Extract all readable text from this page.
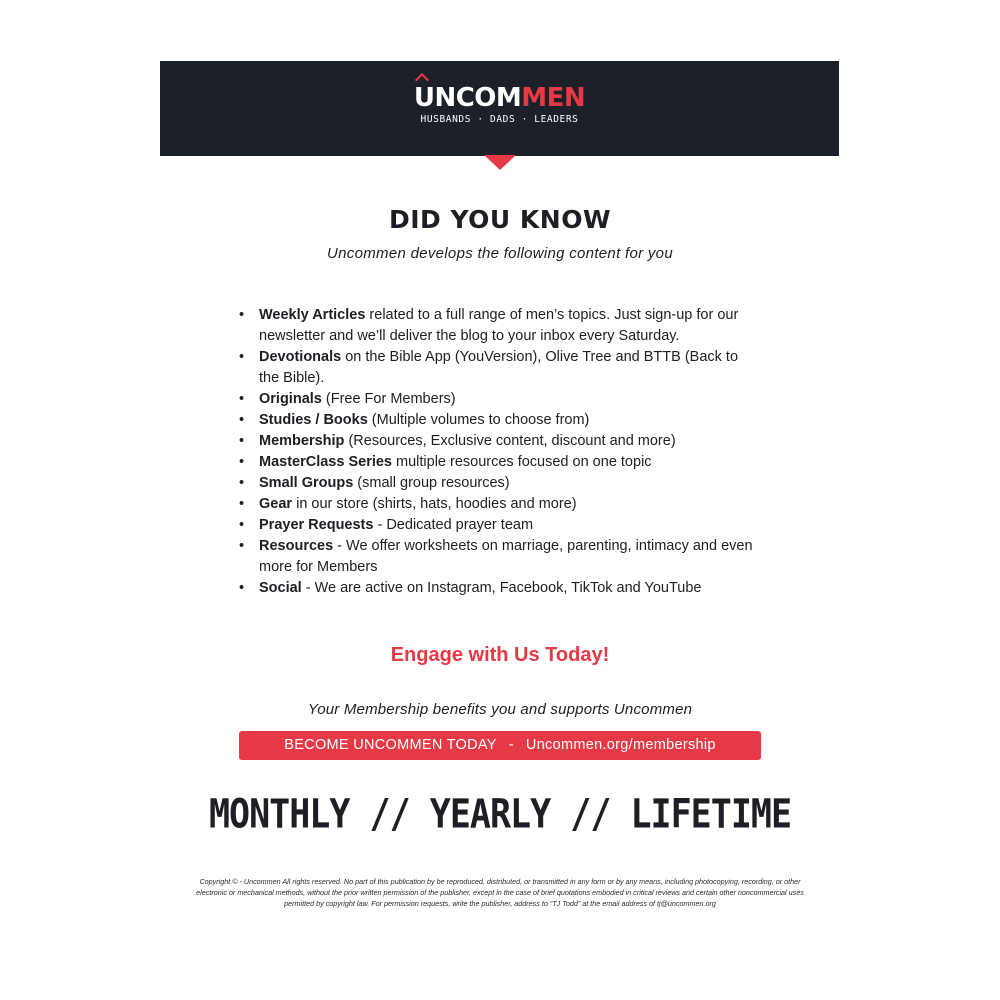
UNCOMMEN
HUSBANDS · DADS · LEADERS
DID YOU KNOW
Uncommen develops the following content for you
• Weekly Articles related to a full range of men’s topics. Just sign-up for our newsletter and we’ll deliver the blog to your inbox every Saturday.
• Devotionals on the Bible App (YouVersion), Olive Tree and BTTB (Back to the Bible).
• Originals (Free For Members)
• Studies / Books (Multiple volumes to choose from)
• Membership (Resources, Exclusive content, discount and more)
• MasterClass Series multiple resources focused on one topic
• Small Groups (small group resources)
• Gear in our store (shirts, hats, hoodies and more)
• Prayer Requests - Dedicated prayer team
• Resources - We offer worksheets on marriage, parenting, intimacy and even more for Members
• Social - We are active on Instagram, Facebook, TikTok and YouTube
Engage with Us Today!
Your Membership benefits you and supports Uncommen
BECOME UNCOMMEN TODAY - Uncommen.org/membership
MONTHLY // YEARLY // LIFETIME
Copyright © - Uncommen All rights reserved. No part of this publication by be reproduced, distributed, or transmitted in any form or by any means, including photocopying, recording, or other electronic or mechanical methods, without the prior written permission of the publisher, except in the case of brief quotations embodied in critical reviews and certain other noncommercial uses permitted by copyright law. For permission requests, write the publisher, address to “TJ Todd” at the email address of tj@uncommen.org
